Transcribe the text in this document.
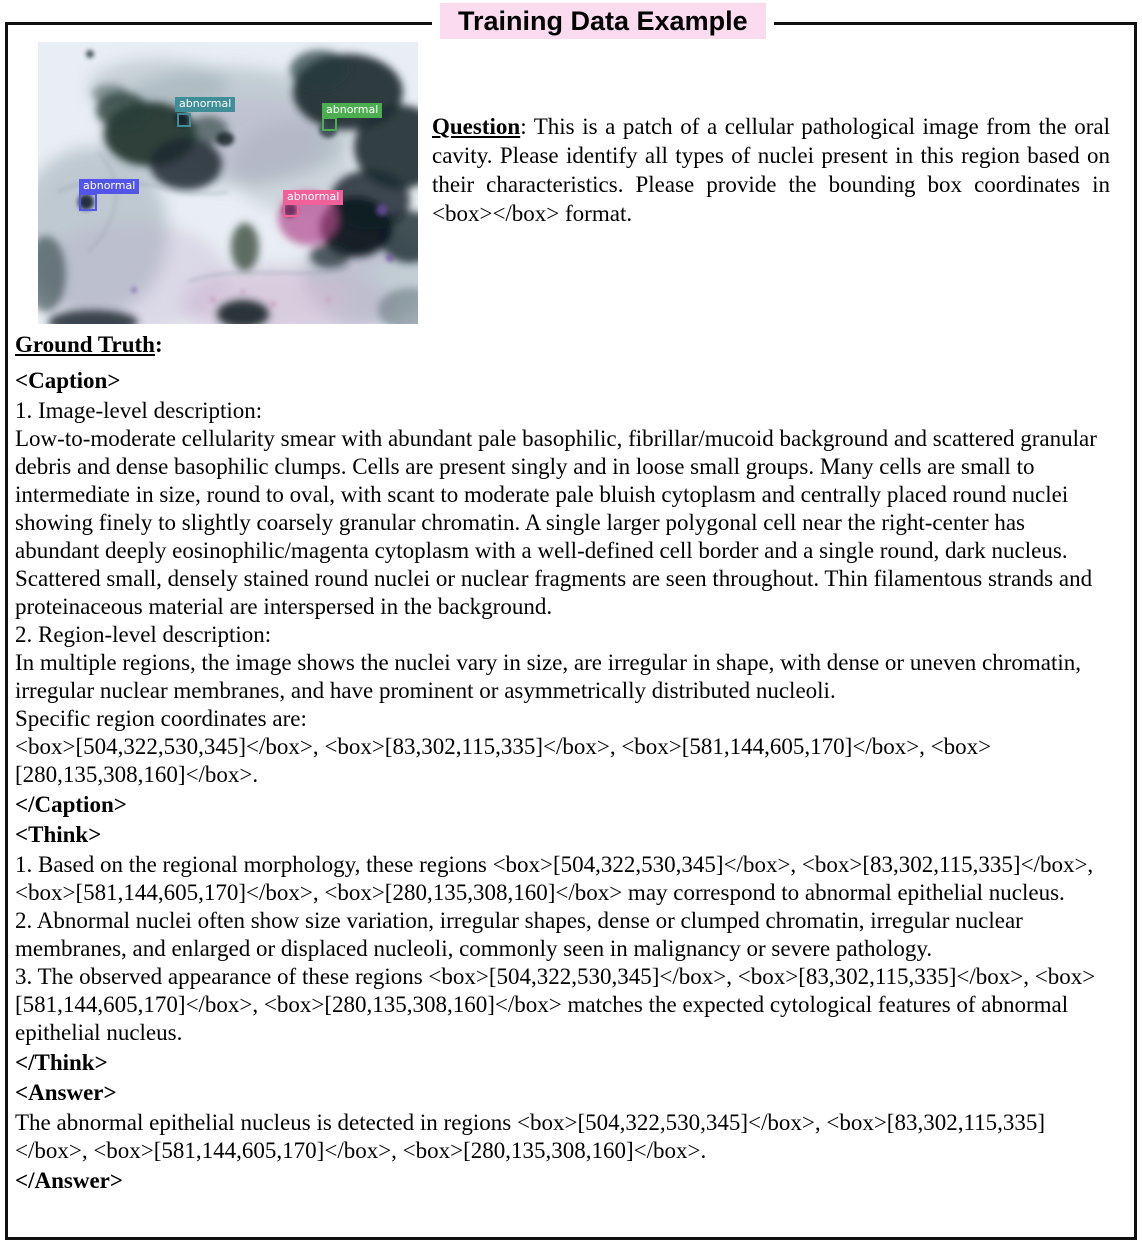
Training Data Example
abnormal	abnormal
abnormal
abnormal
Question: This is a patch of a cellular pathological image from the oral cavity. Please identify all types of nuclei present in this region based on their characteristics. Please provide the bounding box coordinates in <box></box> format.
Ground Truth:
<Caption>
1. Image-level description:
Low-to-moderate cellularity smear with abundant pale basophilic, fibrillar/mucoid background and scattered granular debris and dense basophilic clumps. Cells are present singly and in loose small groups. Many cells are small to intermediate in size, round to oval, with scant to moderate pale bluish cytoplasm and centrally placed round nuclei showing finely to slightly coarsely granular chromatin. A single larger polygonal cell near the right-center has abundant deeply eosinophilic/magenta cytoplasm with a well-defined cell border and a single round, dark nucleus. Scattered small, densely stained round nuclei or nuclear fragments are seen throughout. Thin filamentous strands and proteinaceous material are interspersed in the background.
2. Region-level description:
In multiple regions, the image shows the nuclei vary in size, are irregular in shape, with dense or uneven chromatin, irregular nuclear membranes, and have prominent or asymmetrically distributed nucleoli.
Specific region coordinates are:
<box>[504,322,530,345]</box>, <box>[83,302,115,335]</box>, <box>[581,144,605,170]</box>, <box>[280,135,308,160]</box>.
</Caption>
<Think>
1. Based on the regional morphology, these regions <box>[504,322,530,345]</box>, <box>[83,302,115,335]</box>, <box>[581,144,605,170]</box>, <box>[280,135,308,160]</box> may correspond to abnormal epithelial nucleus.
2. Abnormal nuclei often show size variation, irregular shapes, dense or clumped chromatin, irregular nuclear membranes, and enlarged or displaced nucleoli, commonly seen in malignancy or severe pathology.
3. The observed appearance of these regions <box>[504,322,530,345]</box>, <box>[83,302,115,335]</box>, <box>[581,144,605,170]</box>, <box>[280,135,308,160]</box> matches the expected cytological features of abnormal epithelial nucleus.
</Think>
<Answer>
The abnormal epithelial nucleus is detected in regions <box>[504,322,530,345]</box>, <box>[83,302,115,335]</box>, <box>[581,144,605,170]</box>, <box>[280,135,308,160]</box>.
</Answer>
